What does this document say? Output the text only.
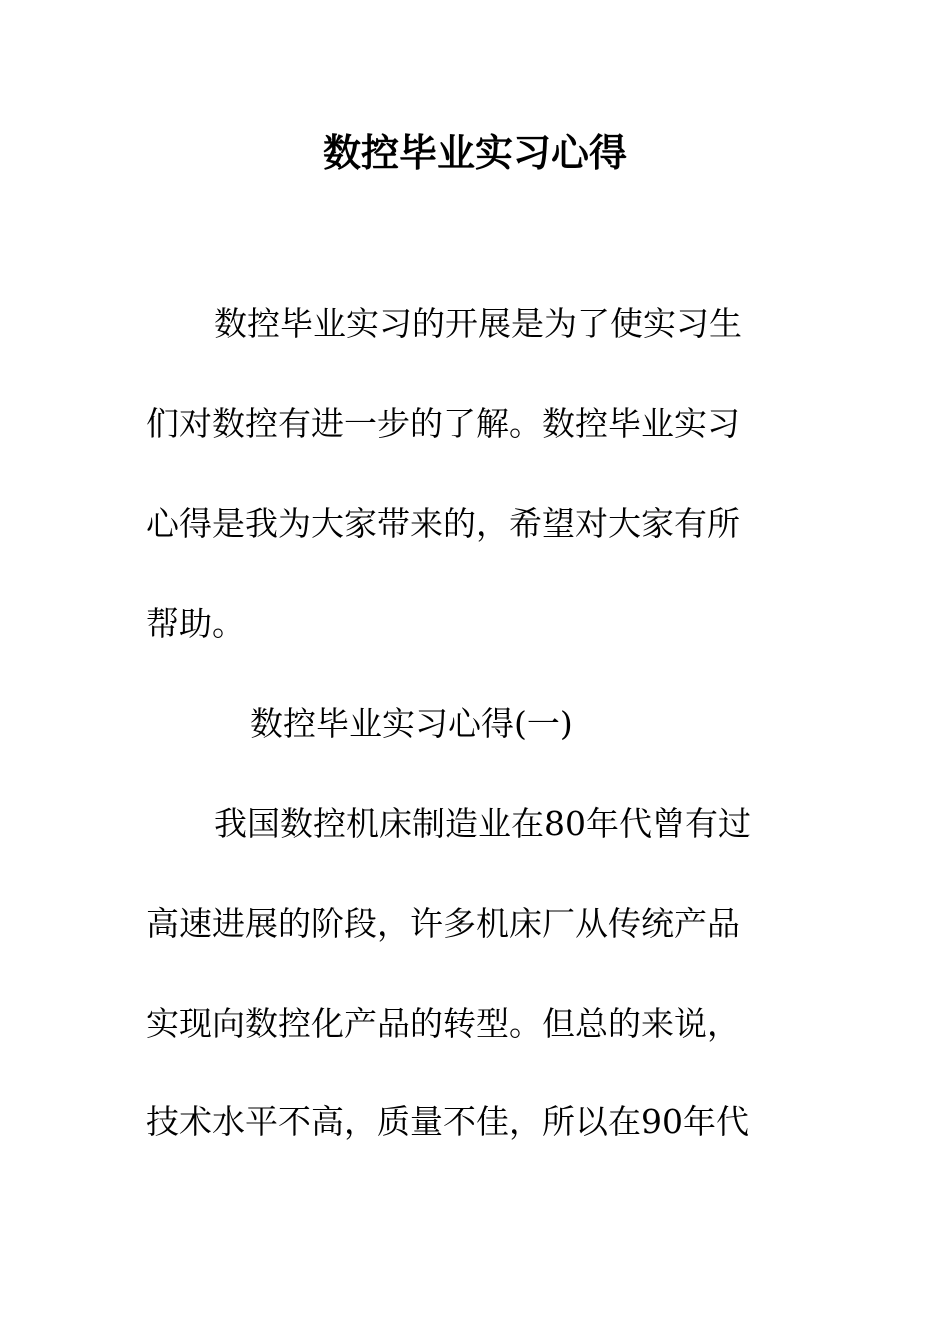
数控毕业实习心得
数控毕业实习的开展是为了使实习生
们对数控有进一步的了解。数控毕业实习
心得是我为大家带来的，希望对大家有所
帮助。
数控毕业实习心得(一)
我国数控机床制造业在80年代曾有过
高速进展的阶段，许多机床厂从传统产品
实现向数控化产品的转型。但总的来说，
技术水平不高，质量不佳，所以在90年代
